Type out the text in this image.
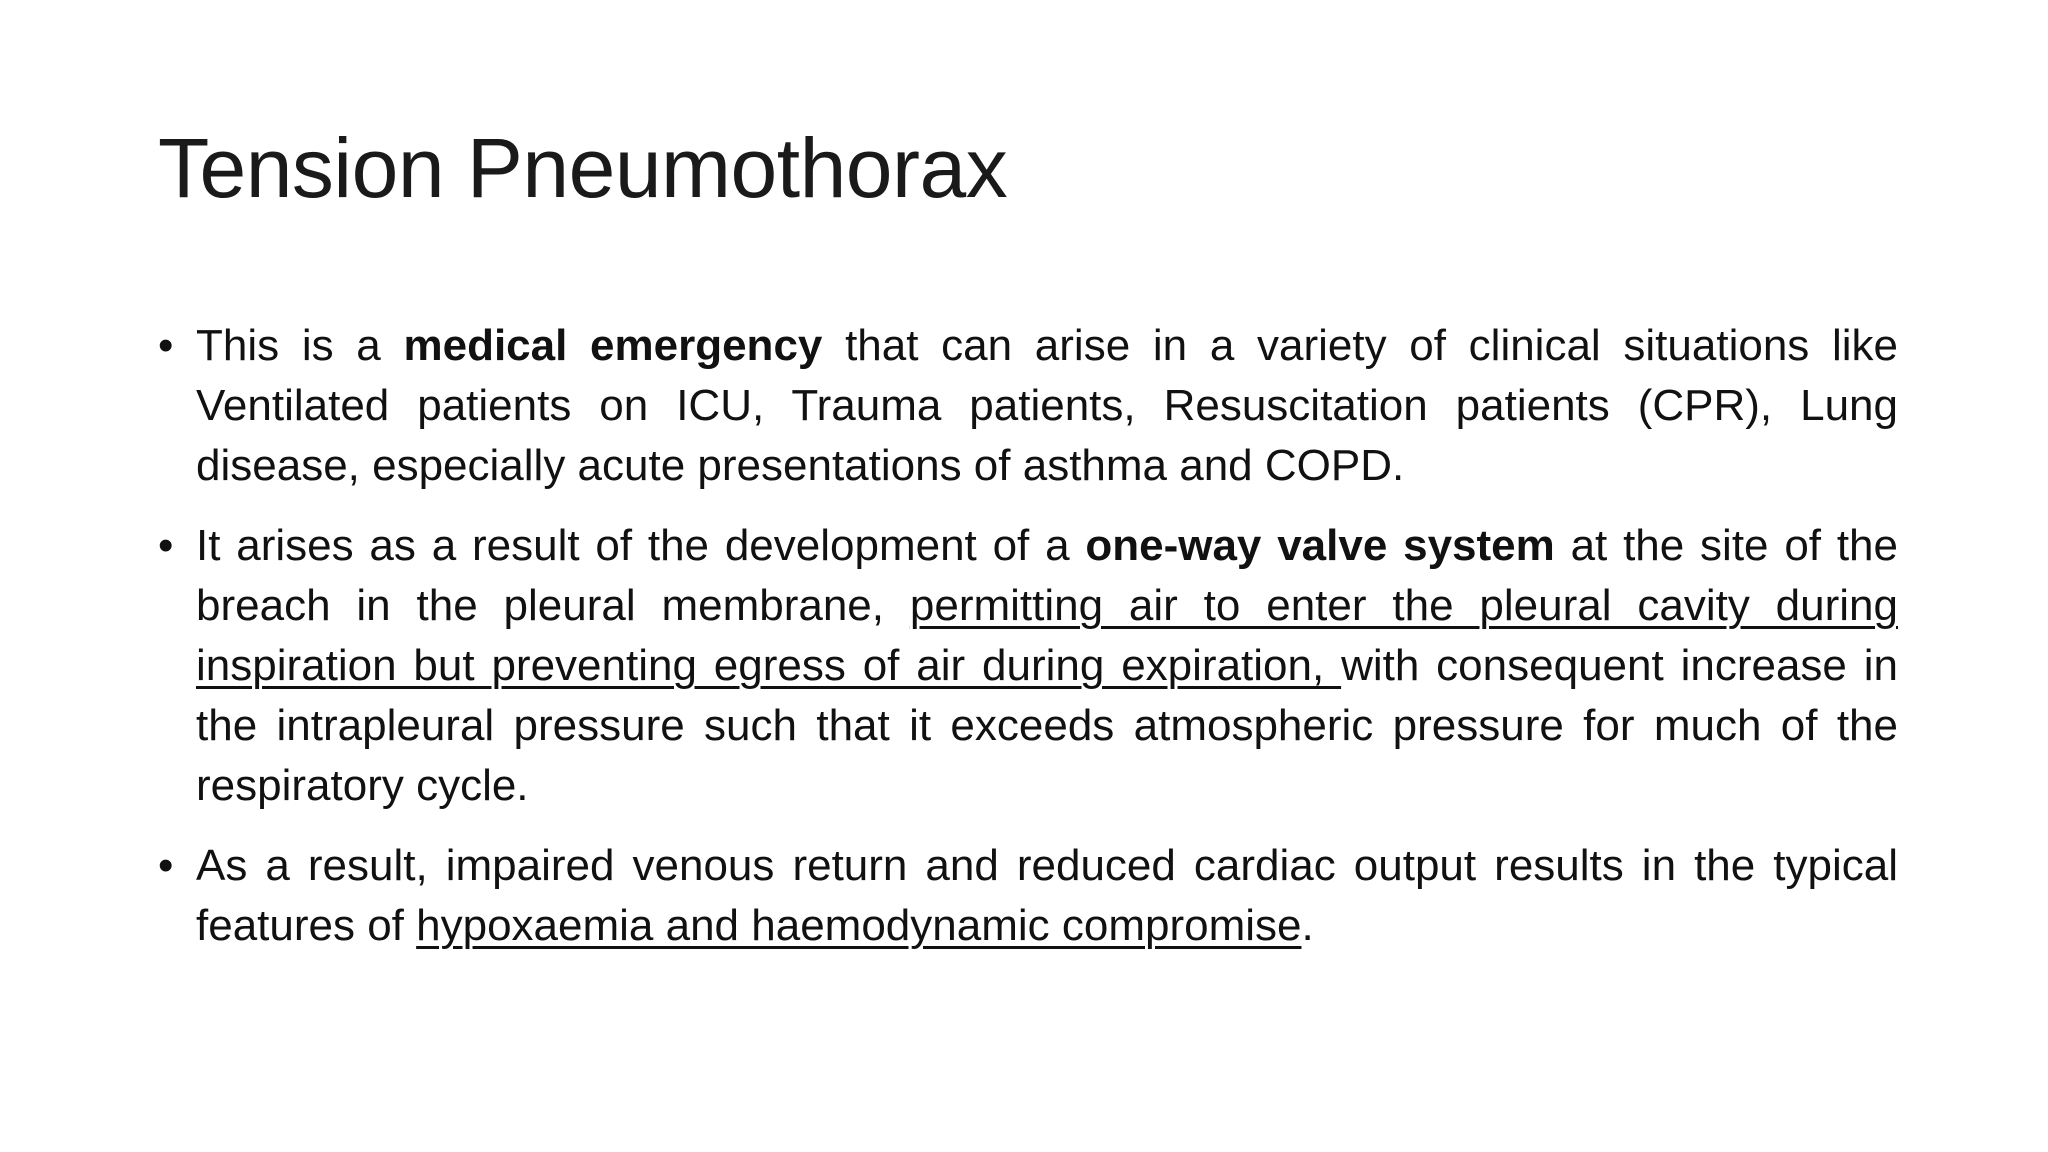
Tension Pneumothorax
• This is a medical emergency that can arise in a variety of clinical situations like Ventilated patients on ICU, Trauma patients, Resuscitation patients (CPR), Lung disease, especially acute presentations of asthma and COPD.
• It arises as a result of the development of a one-way valve system at the site of the breach in the pleural membrane, permitting air to enter the pleural cavity during inspiration but preventing egress of air during expiration, with consequent increase in the intrapleural pressure such that it exceeds atmospheric pressure for much of the respiratory cycle.
• As a result, impaired venous return and reduced cardiac output results in the typical features of hypoxaemia and haemodynamic compromise.
